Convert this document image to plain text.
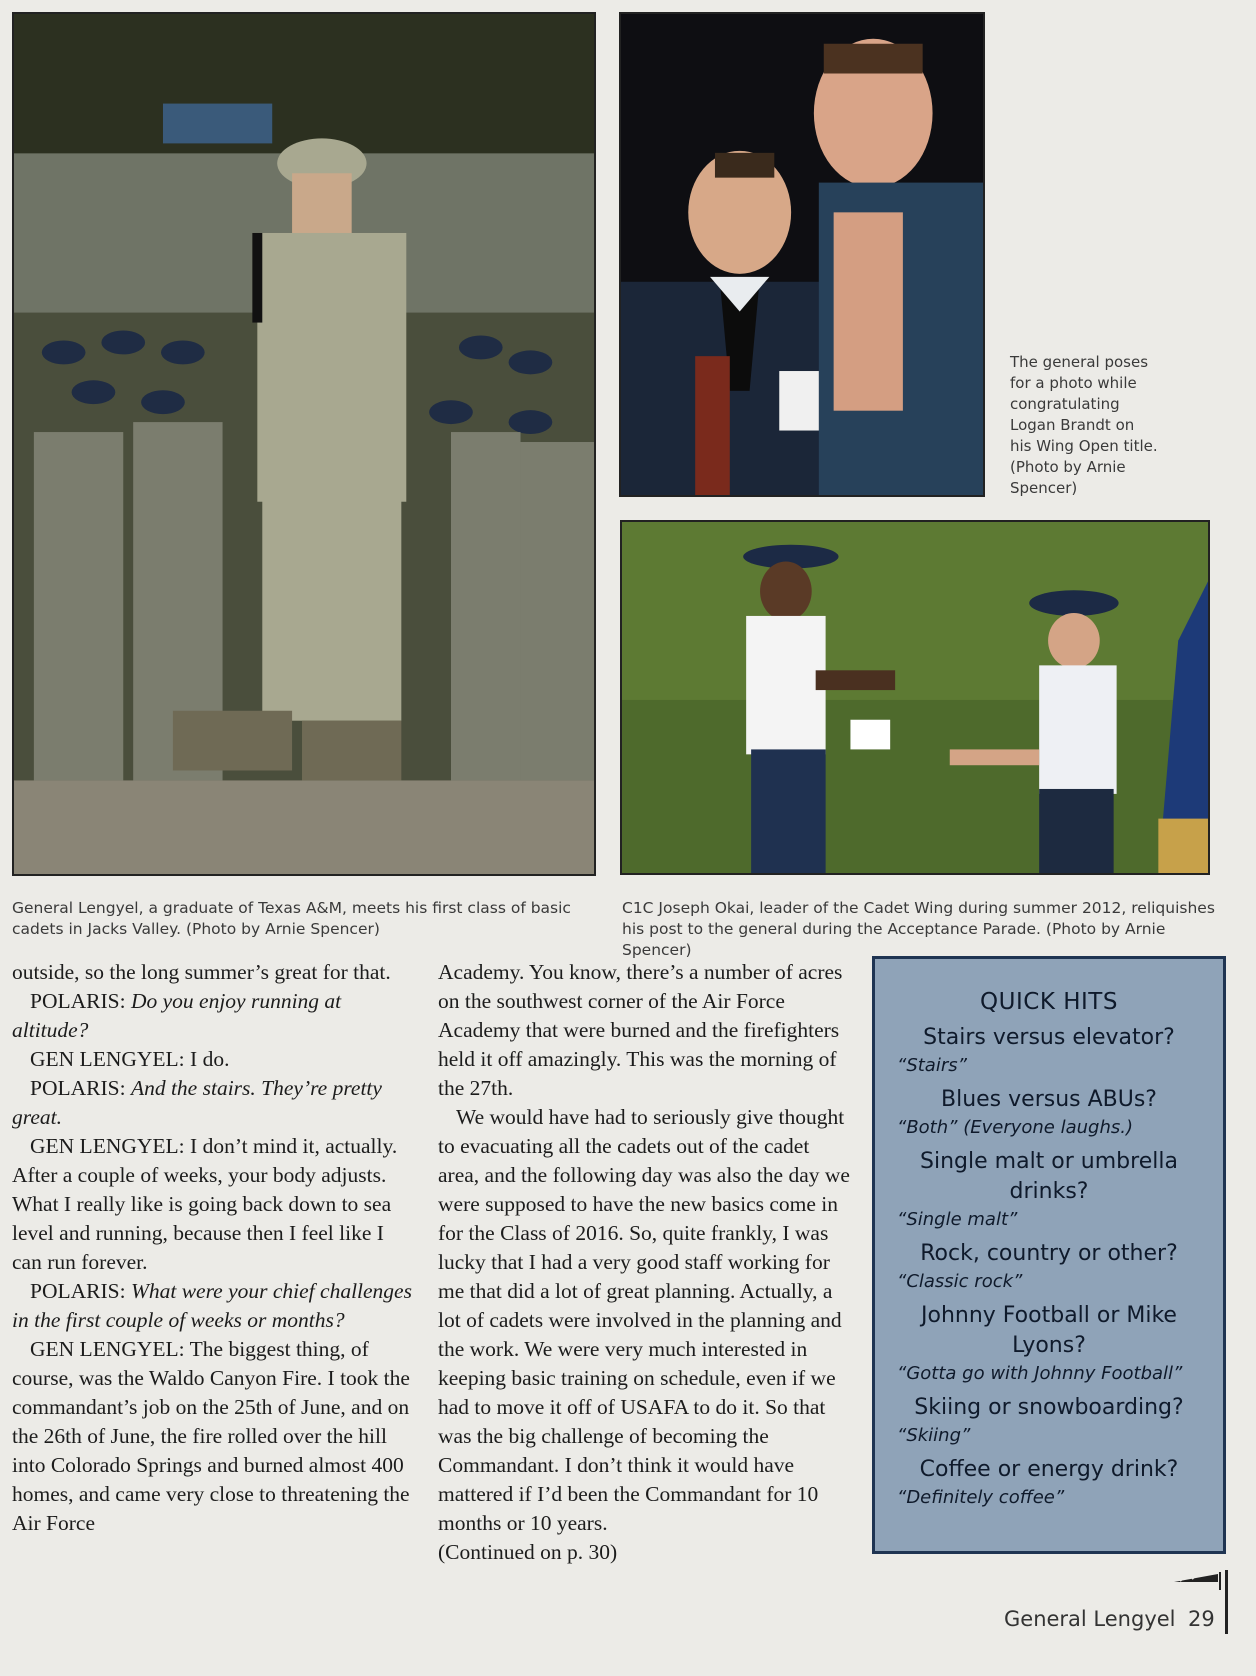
The general poses for a photo while congratulating Logan Brandt on his Wing Open title. (Photo by Arnie Spencer)
General Lengyel, a graduate of Texas A&M, meets his first class of basic cadets in Jacks Valley. (Photo by Arnie Spencer)
C1C Joseph Okai, leader of the Cadet Wing during summer 2012, reliquishes his post to the general during the Acceptance Parade. (Photo by Arnie Spencer)

outside, so the long summer’s great for that.

POLARIS: Do you enjoy running at altitude?

GEN LENGYEL: I do.

POLARIS: And the stairs. They’re pretty great.

GEN LENGYEL: I don’t mind it, actually. After a couple of weeks, your body adjusts. What I really like is going back down to sea level and running, because then I feel like I can run forever.

POLARIS: What were your chief challenges in the first couple of weeks or months?

GEN LENGYEL: The biggest thing, of course, was the Waldo Canyon Fire. I took the commandant’s job on the 25th of June, and on the 26th of June, the fire rolled over the hill into Colorado Springs and burned almost 400 homes, and came very close to threatening the Air Force

Academy. You know, there’s a number of acres on the southwest corner of the Air Force Academy that were burned and the firefighters held it off amazingly. This was the morning of the 27th.

We would have had to seriously give thought to evacuating all the cadets out of the cadet area, and the following day was also the day we were supposed to have the new basics come in for the Class of 2016. So, quite frankly, I was lucky that I had a very good staff working for me that did a lot of great planning. Actually, a lot of cadets were involved in the planning and the work. We were very much interested in keeping basic training on schedule, even if we had to move it off of USAFA to do it. So that was the big challenge of becoming the Commandant. I don’t think it would have mattered if I’d been the Commandant for 10 months or 10 years.

(Continued on p. 30)

QUICK HITS
Stairs versus elevator?
“Stairs”
Blues versus ABUs?
“Both” (Everyone laughs.)
Single malt or umbrella drinks?
“Single malt”
Rock, country or other?
“Classic rock”
Johnny Football or Mike Lyons?
“Gotta go with Johnny Football”
Skiing or snowboarding?
“Skiing”
Coffee or energy drink?
“Definitely coffee”
General Lengyel 29
